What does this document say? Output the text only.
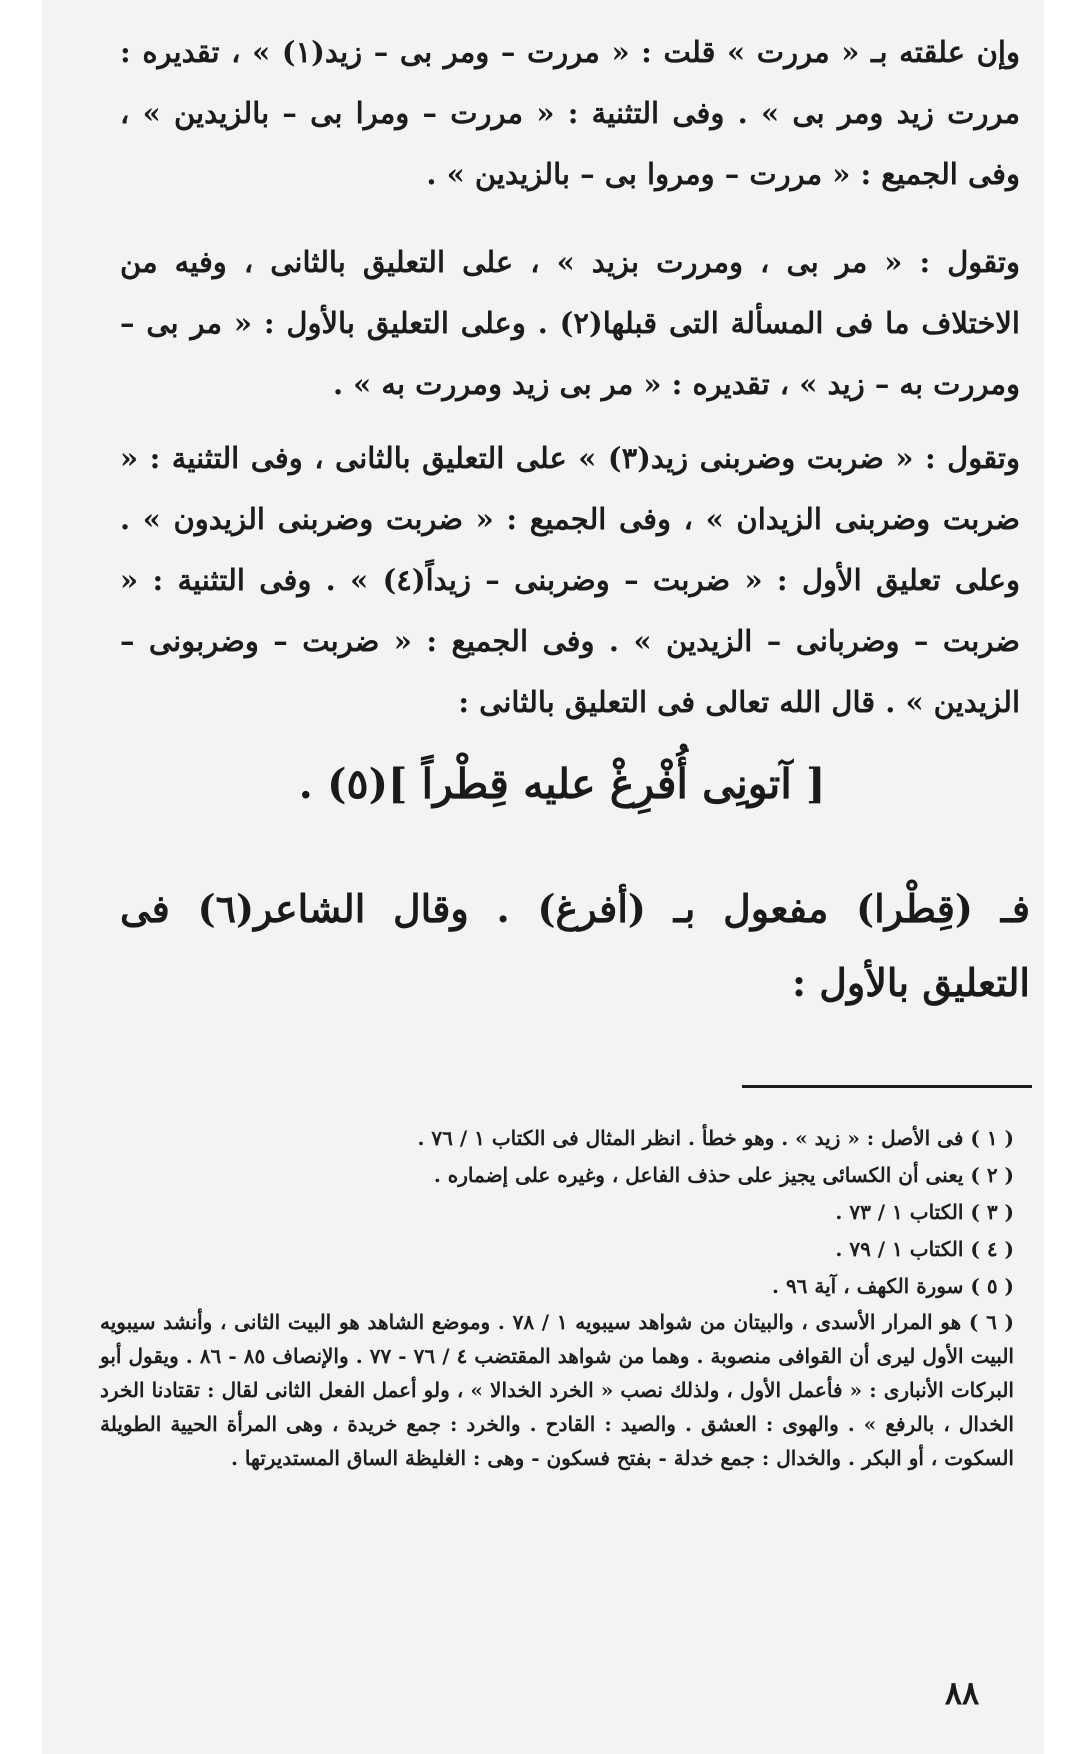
وإن علقته بـ « مررت » قلت : « مررت – ومر بى – زيد(١) » ، تقديره : مررت زيد ومر بى » . وفى التثنية : « مررت – ومرا بى – بالزيدين » ، وفى الجميع : « مررت – ومروا بى – بالزيدين » .

وتقول : « مر بى ، ومررت بزيد » ، على التعليق بالثانى ، وفيه من الاختلاف ما فى المسألة التى قبلها(٢) . وعلى التعليق بالأول : « مر بى – ومررت به – زيد » ، تقديره : « مر بى زيد ومررت به » .

وتقول : « ضربت وضربنى زيد(٣) » على التعليق بالثانى ، وفى التثنية : « ضربت وضربنى الزيدان » ، وفى الجميع : « ضربت وضربنى الزيدون » . وعلى تعليق الأول : « ضربت – وضربنى – زيداً(٤) » . وفى التثنية : « ضربت – وضربانى – الزيدين » . وفى الجميع : « ضربت – وضربونى – الزيدين » . قال الله تعالى فى التعليق بالثانى :

[ آتونِى أُفْرِغْ عليه قِطْراً ](٥) .
فـ (قِطْرا) مفعول بـ (أفرغ) . وقال الشاعر(٦) فى التعليق بالأول :

( ١ ) فى الأصل : « زيد » . وهو خطأ . انظر المثال فى الكتاب ١ / ٧٦ .

( ٢ ) يعنى أن الكسائى يجيز على حذف الفاعل ، وغيره على إضماره .

( ٣ ) الكتاب ١ / ٧٣ .

( ٤ ) الكتاب ١ / ٧٩ .

( ٥ ) سورة الكهف ، آية ٩٦ .

( ٦ ) هو المرار الأسدى ، والبيتان من شواهد سيبويه ١ / ٧٨ . وموضع الشاهد هو البيت الثانى ، وأنشد سيبويه البيت الأول ليرى أن القوافى منصوبة . وهما من شواهد المقتضب ٤ / ٧٦ - ٧٧ . والإنصاف ٨٥ - ٨٦ . ويقول أبو البركات الأنبارى : « فأعمل الأول ، ولذلك نصب « الخرد الخدالا » ، ولو أعمل الفعل الثانى لقال : تقتادنا الخرد الخدال ، بالرفع » . والهوى : العشق . والصيد : القادح . والخرد : جمع خريدة ، وهى المرأة الحيية الطويلة السكوت ، أو البكر . والخدال : جمع خدلة - بفتح فسكون - وهى : الغليظة الساق المستديرتها .

٨٨
